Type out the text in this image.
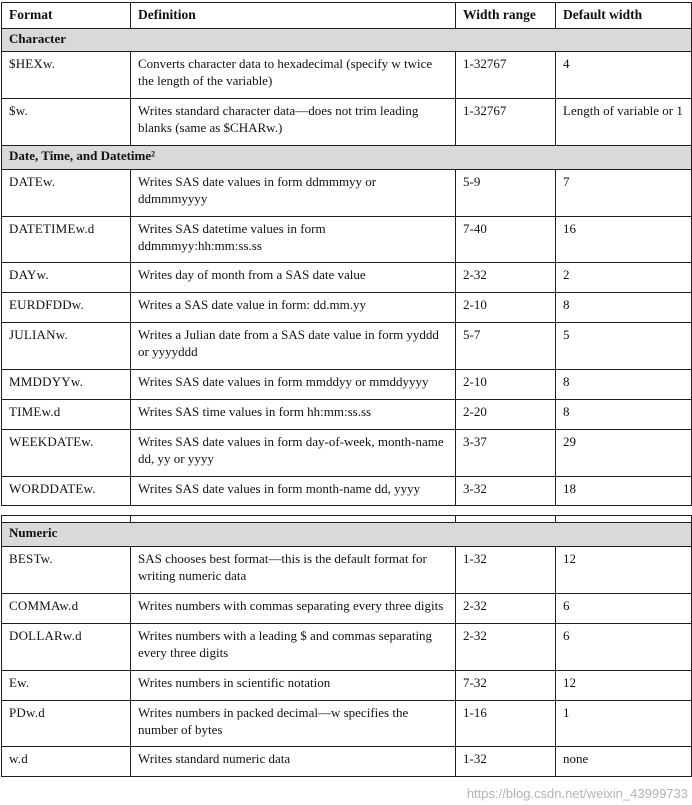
Format	Definition	Width range	Default width
Character			
$HEXw.	Converts character data to hexadecimal (specify w twice the length of the variable)	1-32767	4
$w.	Writes standard character data—does not trim leading blanks (same as $CHARw.)	1-32767	Length of variable or 1
Date, Time, and Datetime²			
DATEw.	Writes SAS date values in form ddmmmyy or ddmmmyyyy	5-9	7
DATETIMEw.d	Writes SAS datetime values in form ddmmmyy:hh:mm:ss.ss	7-40	16
DAYw.	Writes day of month from a SAS date value	2-32	2
EURDFDDw.	Writes a SAS date value in form: dd.mm.yy	2-10	8
JULIANw.	Writes a Julian date from a SAS date value in form yyddd or yyyyddd	5-7	5
MMDDYYw.	Writes SAS date values in form mmddyy or mmddyyyy	2-10	8
TIMEw.d	Writes SAS time values in form hh:mm:ss.ss	2-20	8
WEEKDATEw.	Writes SAS date values in form day-of-week, month-name dd, yy or yyyy	3-37	29
WORDDATEw.	Writes SAS date values in form month-name dd, yyyy	3-32	18

Numeric			
BESTw.	SAS chooses best format—this is the default format for writing numeric data	1-32	12
COMMAw.d	Writes numbers with commas separating every three digits	2-32	6
DOLLARw.d	Writes numbers with a leading $ and commas separating every three digits	2-32	6
Ew.	Writes numbers in scientific notation	7-32	12
PDw.d	Writes numbers in packed decimal—w specifies the number of bytes	1-16	1
w.d	Writes standard numeric data	1-32	none
https://blog.csdn.net/weixin_43999733
